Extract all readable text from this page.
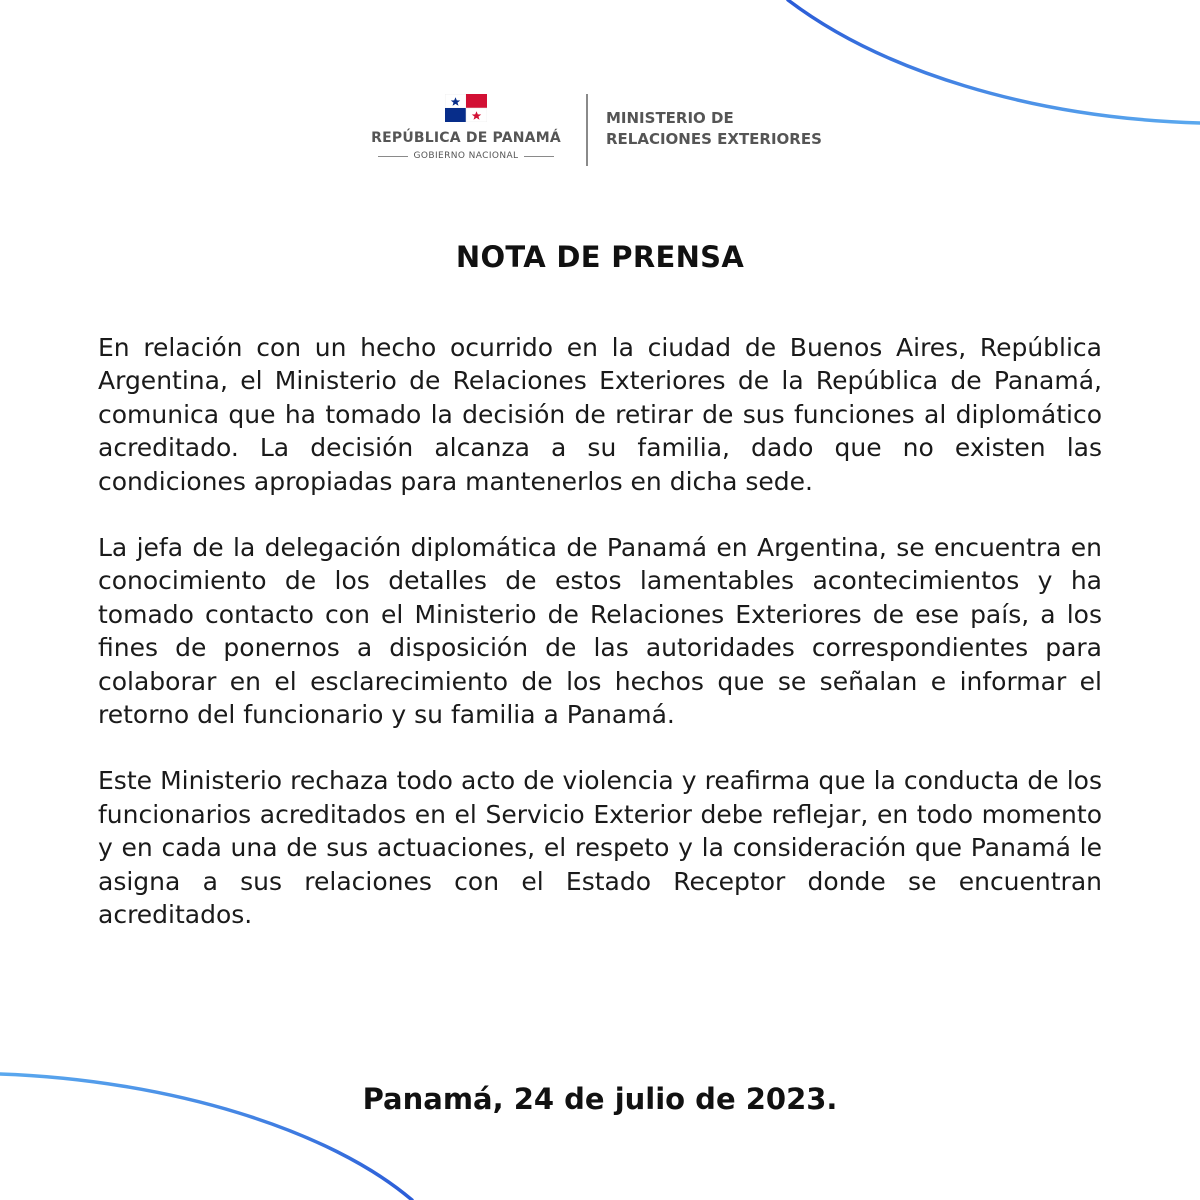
REPÚBLICA DE PANAMÁ
GOBIERNO NACIONAL
MINISTERIO DE
RELACIONES EXTERIORES
NOTA DE PRENSA

En relación con un hecho ocurrido en la ciudad de Buenos Aires, República Argentina, el Ministerio de Relaciones Exteriores de la República de Panamá, comunica que ha tomado la decisión de retirar de sus funciones al diplomático acreditado. La decisión alcanza a su familia, dado que no existen las condiciones apropiadas para mantenerlos en dicha sede.

La jefa de la delegación diplomática de Panamá en Argentina, se encuentra en conocimiento de los detalles de estos lamentables acontecimientos y ha tomado contacto con el Ministerio de Relaciones Exteriores de ese país, a los fines de ponernos a disposición de las autoridades correspondientes para colaborar en el esclarecimiento de los hechos que se señalan e informar el retorno del funcionario y su familia a Panamá.

Este Ministerio rechaza todo acto de violencia y reafirma que la conducta de los funcionarios acreditados en el Servicio Exterior debe reflejar, en todo momento y en cada una de sus actuaciones, el respeto y la consideración que Panamá le asigna a sus relaciones con el Estado Receptor donde se encuentran acreditados.

Panamá, 24 de julio de 2023.
